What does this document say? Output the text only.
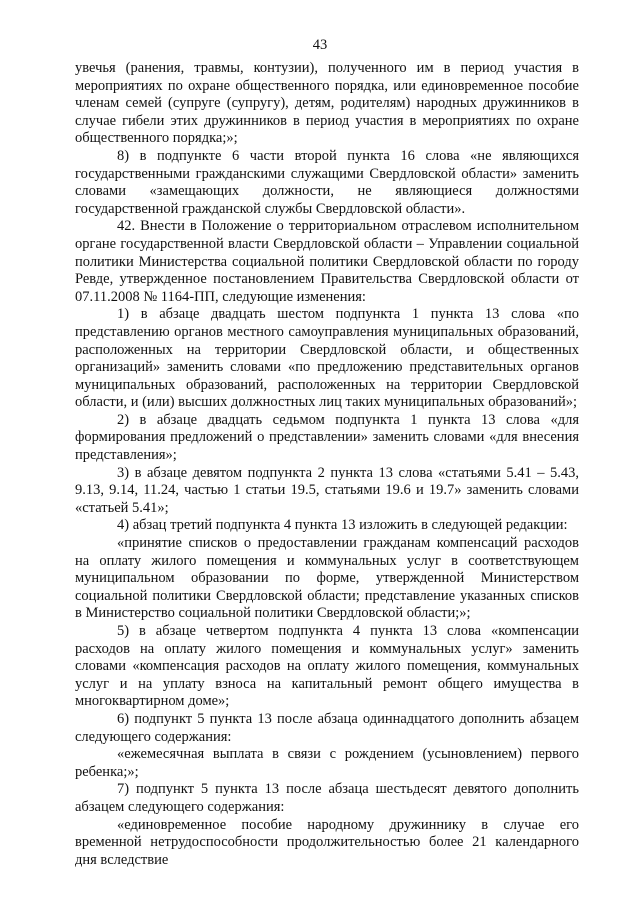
43

увечья (ранения, травмы, контузии), полученного им в период участия в мероприятиях по охране общественного порядка, или единовременное пособие членам семей (супруге (супругу), детям, родителям) народных дружинников в случае гибели этих дружинников в период участия в мероприятиях по охране общественного порядка;»;

8) в подпункте 6 части второй пункта 16 слова «не являющихся государственными гражданскими служащими Свердловской области» заменить словами «замещающих должности, не являющиеся должностями государственной гражданской службы Свердловской области».

42. Внести в Положение о территориальном отраслевом исполнительном органе государственной власти Свердловской области – Управлении социальной политики Министерства социальной политики Свердловской области по городу Ревде, утвержденное постановлением Правительства Свердловской области от 07.11.2008 № 1164-ПП, следующие изменения:

1) в абзаце двадцать шестом подпункта 1 пункта 13 слова «по представлению органов местного самоуправления муниципальных образований, расположенных на территории Свердловской области, и общественных организаций» заменить словами «по предложению представительных органов муниципальных образований, расположенных на территории Свердловской области, и (или) высших должностных лиц таких муниципальных образований»;

2) в абзаце двадцать седьмом подпункта 1 пункта 13 слова «для формирования предложений о представлении» заменить словами «для внесения представления»;

3) в абзаце девятом подпункта 2 пункта 13 слова «статьями 5.41 – 5.43, 9.13, 9.14, 11.24, частью 1 статьи 19.5, статьями 19.6 и 19.7» заменить словами «статьей 5.41»;

4) абзац третий подпункта 4 пункта 13 изложить в следующей редакции:

«принятие списков о предоставлении гражданам компенсаций расходов на оплату жилого помещения и коммунальных услуг в соответствующем муниципальном образовании по форме, утвержденной Министерством социальной политики Свердловской области; представление указанных списков в Министерство социальной политики Свердловской области;»;

5) в абзаце четвертом подпункта 4 пункта 13 слова «компенсации расходов на оплату жилого помещения и коммунальных услуг» заменить словами «компенсация расходов на оплату жилого помещения, коммунальных услуг и на уплату взноса на капитальный ремонт общего имущества в многоквартирном доме»;

6) подпункт 5 пункта 13 после абзаца одиннадцатого дополнить абзацем следующего содержания:

«ежемесячная выплата в связи с рождением (усыновлением) первого ребенка;»;

7) подпункт 5 пункта 13 после абзаца шестьдесят девятого дополнить абзацем следующего содержания:

«единовременное пособие народному дружиннику в случае его временной нетрудоспособности продолжительностью более 21 календарного дня вследствие
